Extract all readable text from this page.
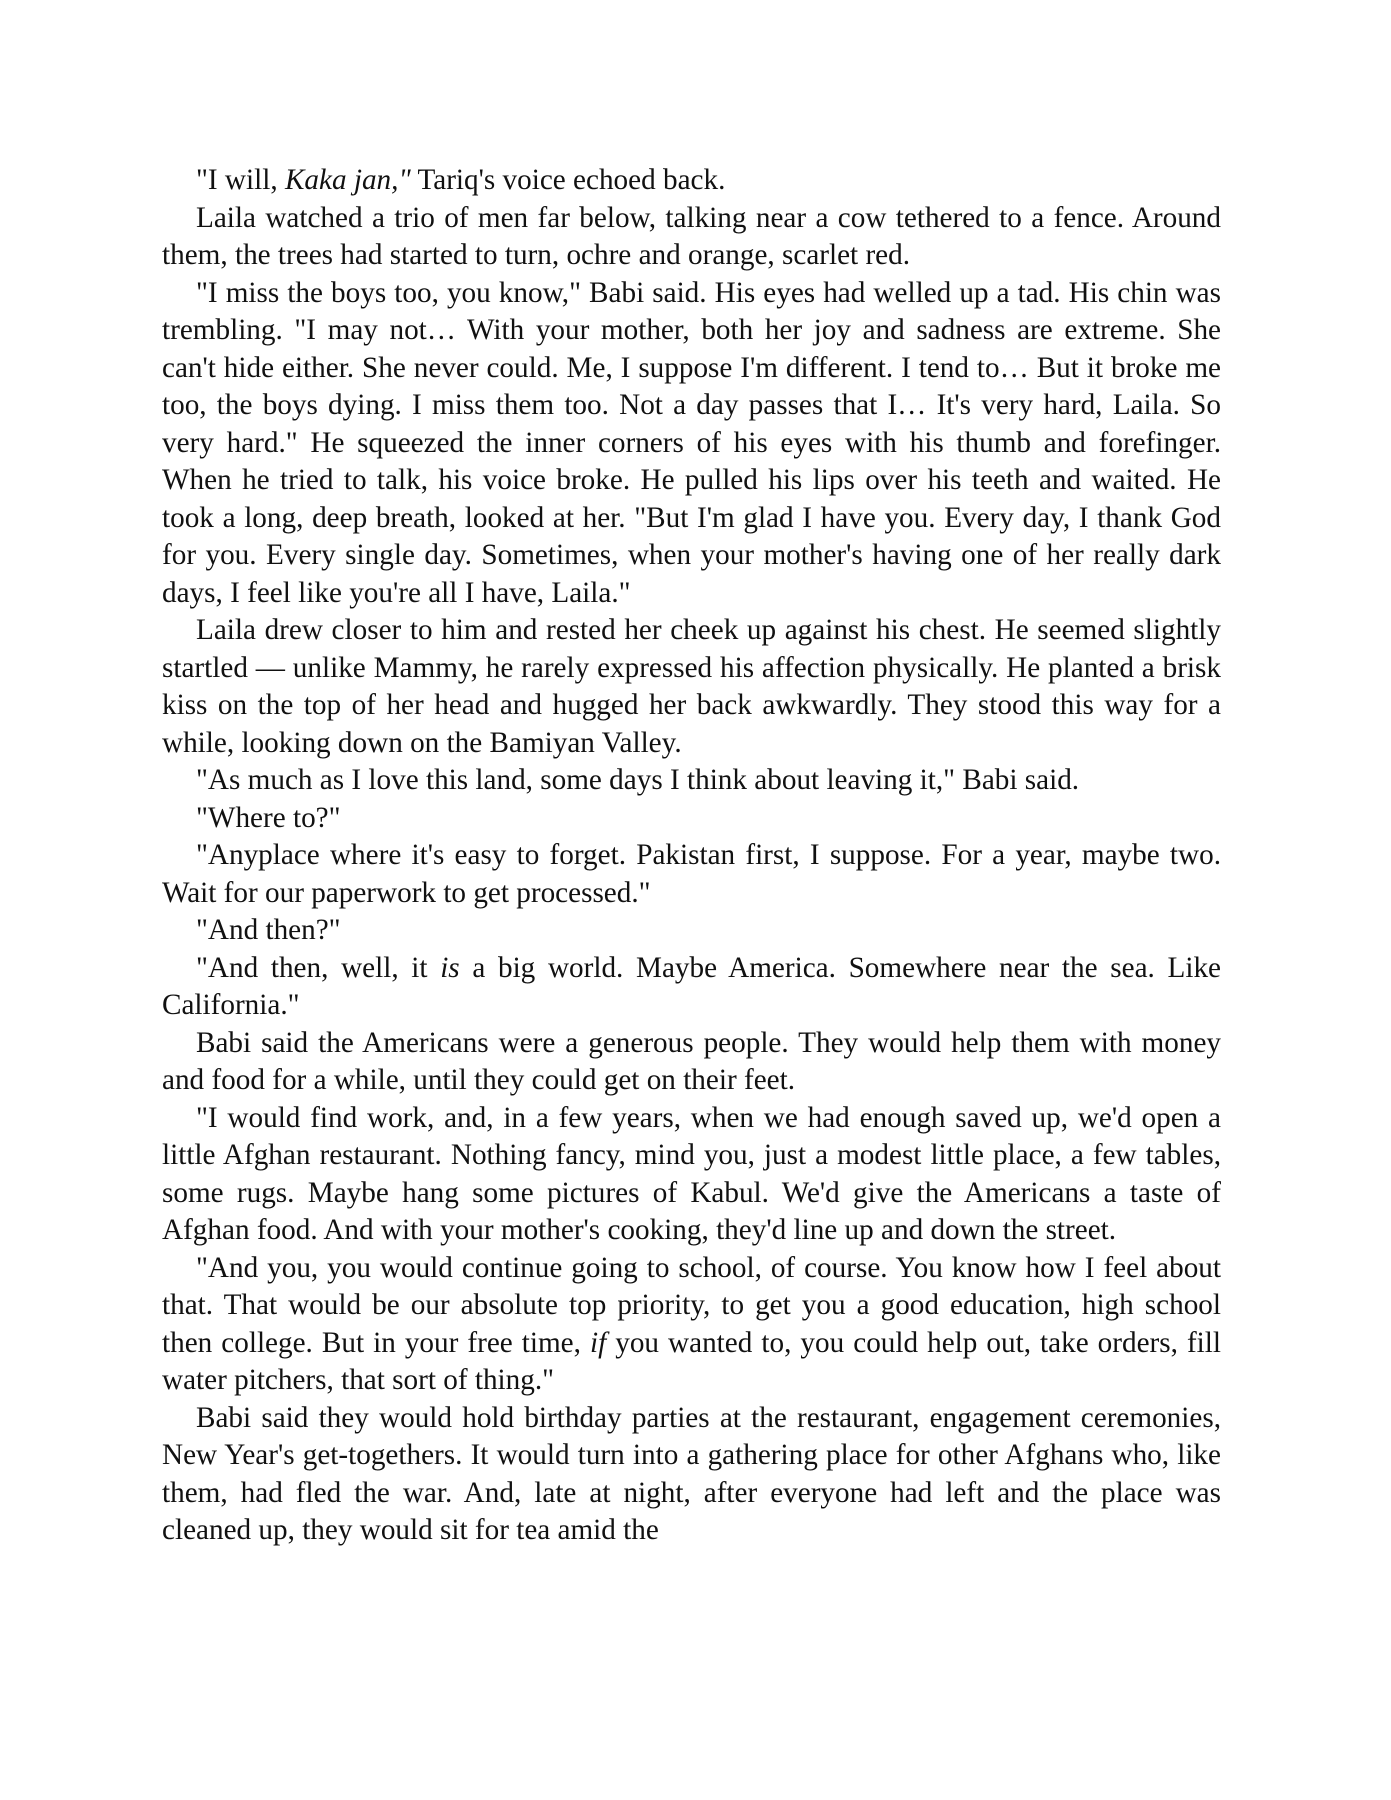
"I will, Kaka jan," Tariq's voice echoed back.

Laila watched a trio of men far below, talking near a cow tethered to a fence. Around them, the trees had started to turn, ochre and orange, scarlet red.

"I miss the boys too, you know," Babi said. His eyes had welled up a tad. His chin was trembling. "I may not… With your mother, both her joy and sadness are extreme. She can't hide either. She never could. Me, I suppose I'm different. I tend to… But it broke me too, the boys dying. I miss them too. Not a day passes that I… It's very hard, Laila. So very hard." He squeezed the inner corners of his eyes with his thumb and forefinger. When he tried to talk, his voice broke. He pulled his lips over his teeth and waited. He took a long, deep breath, looked at her. "But I'm glad I have you. Every day, I thank God for you. Every single day. Sometimes, when your mother's having one of her really dark days, I feel like you're all I have, Laila."

Laila drew closer to him and rested her cheek up against his chest. He seemed slightly startled — unlike Mammy, he rarely expressed his affection physically. He planted a brisk kiss on the top of her head and hugged her back awkwardly. They stood this way for a while, looking down on the Bamiyan Valley.

"As much as I love this land, some days I think about leaving it," Babi said.

"Where to?"

"Anyplace where it's easy to forget. Pakistan first, I suppose. For a year, maybe two. Wait for our paperwork to get processed."

"And then?"

"And then, well, it is a big world. Maybe America. Somewhere near the sea. Like California."

Babi said the Americans were a generous people. They would help them with money and food for a while, until they could get on their feet.

"I would find work, and, in a few years, when we had enough saved up, we'd open a little Afghan restaurant. Nothing fancy, mind you, just a modest little place, a few tables, some rugs. Maybe hang some pictures of Kabul. We'd give the Americans a taste of Afghan food. And with your mother's cooking, they'd line up and down the street.

"And you, you would continue going to school, of course. You know how I feel about that. That would be our absolute top priority, to get you a good education, high school then college. But in your free time, if you wanted to, you could help out, take orders, fill water pitchers, that sort of thing."

Babi said they would hold birthday parties at the restaurant, engagement ceremonies, New Year's get-togethers. It would turn into a gathering place for other Afghans who, like them, had fled the war. And, late at night, after everyone had left and the place was cleaned up, they would sit for tea amid the
